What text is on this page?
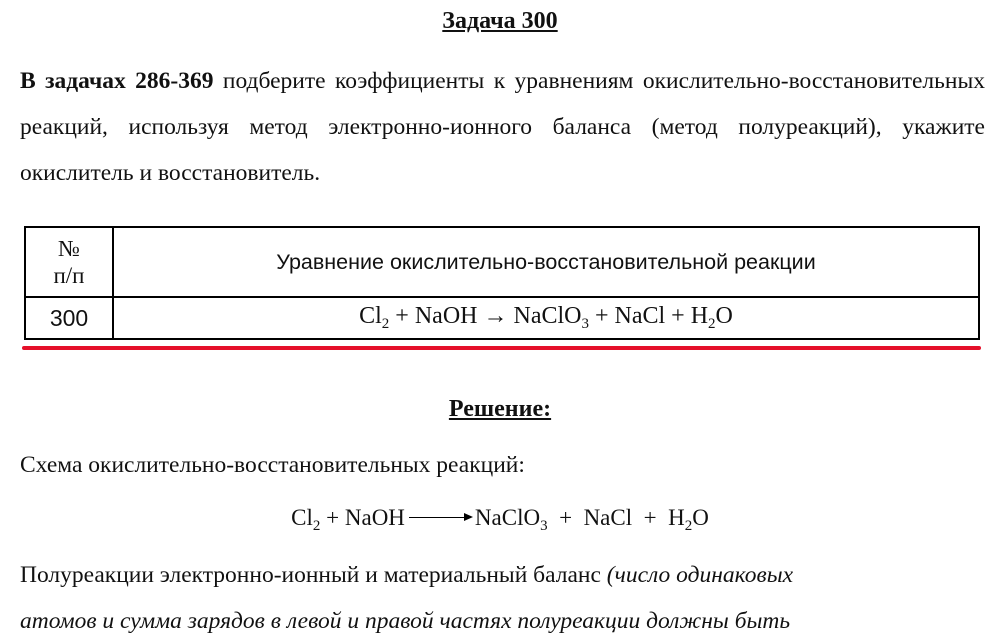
Задача 300
В задачах 286-369 подберите коэффициенты к уравнениям окислительно-восстановительных реакций, используя метод электронно-ионного баланса (метод полуреакций), укажите окислитель и восстановитель.
№
п/п	Уравнение окислительно-восстановительной реакции
300	$Cl_2$ + NaOH → NaClO$_3$ + NaCl + $H_2O$
Решение:
Схема окислительно-восстановительных реакций:
$Cl_2$ + NaOH	NaClO$_3$  +  NaCl  +  $H_2O$
Полуреакции электронно-ионный и материальный баланс (число одинаковых
атомов и сумма зарядов в левой и правой частях полуреакции должны быть
